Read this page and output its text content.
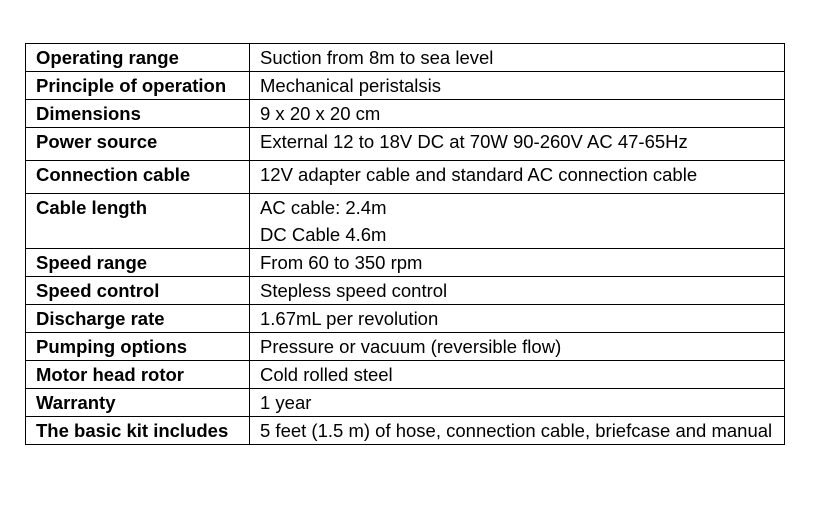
Operating range	Suction from 8m to sea level
Principle of operation	Mechanical peristalsis
Dimensions	9 x 20 x 20 cm
Power source	External 12 to 18V DC at 70W 90-260V AC 47-65Hz
Connection cable	12V adapter cable and standard AC connection cable
Cable length	AC cable: 2.4m
DC Cable 4.6m
Speed range	From 60 to 350 rpm
Speed control	Stepless speed control
Discharge rate	1.67mL per revolution
Pumping options	Pressure or vacuum (reversible flow)
Motor head rotor	Cold rolled steel
Warranty	1 year
The basic kit includes	5 feet (1.5 m) of hose, connection cable, briefcase and manual
